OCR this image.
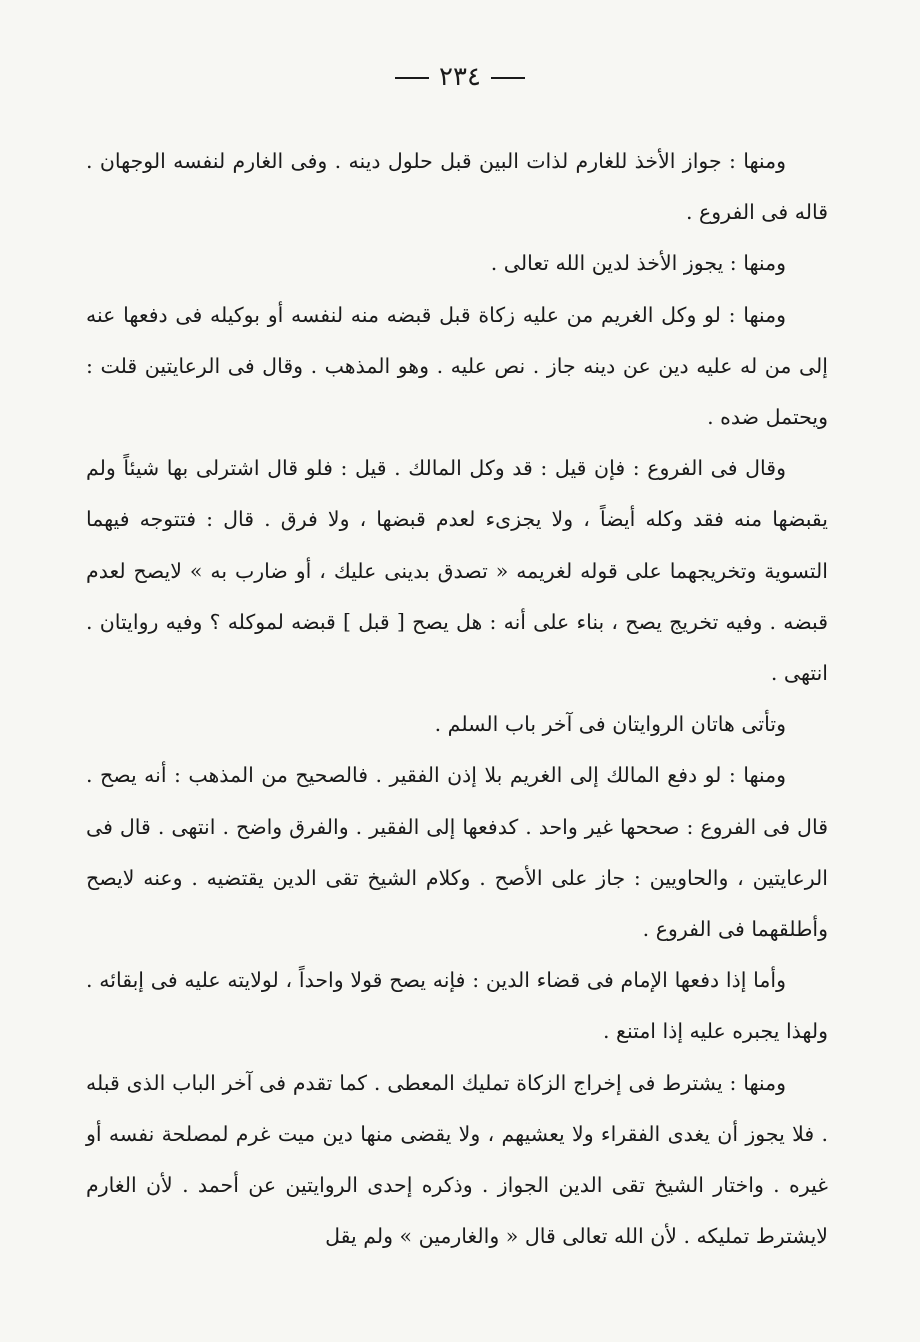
٢٣٤

ومنها : جواز الأخذ للغارم لذات البين قبل حلول دينه . وفى الغارم لنفسه الوجهان . قاله فى الفروع .

ومنها : يجوز الأخذ لدين الله تعالى .

ومنها : لو وكل الغريم من عليه زكاة قبل قبضه منه لنفسه أو بوكيله فى دفعها عنه إلى من له عليه دين عن دينه جاز . نص عليه . وهو المذهب . وقال فى الرعايتين قلت : ويحتمل ضده .

وقال فى الفروع : فإن قيل : قد وكل المالك . قيل : فلو قال اشترلى بها شيئاً ولم يقبضها منه فقد وكله أيضاً ، ولا يجزىء لعدم قبضها ، ولا فرق . قال : فتتوجه فيهما التسوية وتخريجهما على قوله لغريمه « تصدق بدينى عليك ، أو ضارب به » لايصح لعدم قبضه . وفيه تخريج يصح ، بناء على أنه : هل يصح [ قبل ] قبضه لموكله ؟ وفيه روايتان . انتهى .

وتأتى هاتان الروايتان فى آخر باب السلم .

ومنها : لو دفع المالك إلى الغريم بلا إذن الفقير . فالصحيح من المذهب : أنه يصح . قال فى الفروع : صححها غير واحد . كدفعها إلى الفقير . والفرق واضح . انتهى . قال فى الرعايتين ، والحاويين : جاز على الأصح . وكلام الشيخ تقى الدين يقتضيه . وعنه لايصح وأطلقهما فى الفروع .

وأما إذا دفعها الإمام فى قضاء الدين : فإنه يصح قولا واحداً ، لولايته عليه فى إبقائه . ولهذا يجبره عليه إذا امتنع .

ومنها : يشترط فى إخراج الزكاة تمليك المعطى . كما تقدم فى آخر الباب الذى قبله . فلا يجوز أن يغدى الفقراء ولا يعشيهم ، ولا يقضى منها دين ميت غرم لمصلحة نفسه أو غيره . واختار الشيخ تقى الدين الجواز . وذكره إحدى الروايتين عن أحمد . لأن الغارم لايشترط تمليكه . لأن الله تعالى قال « والغارمين » ولم يقل
